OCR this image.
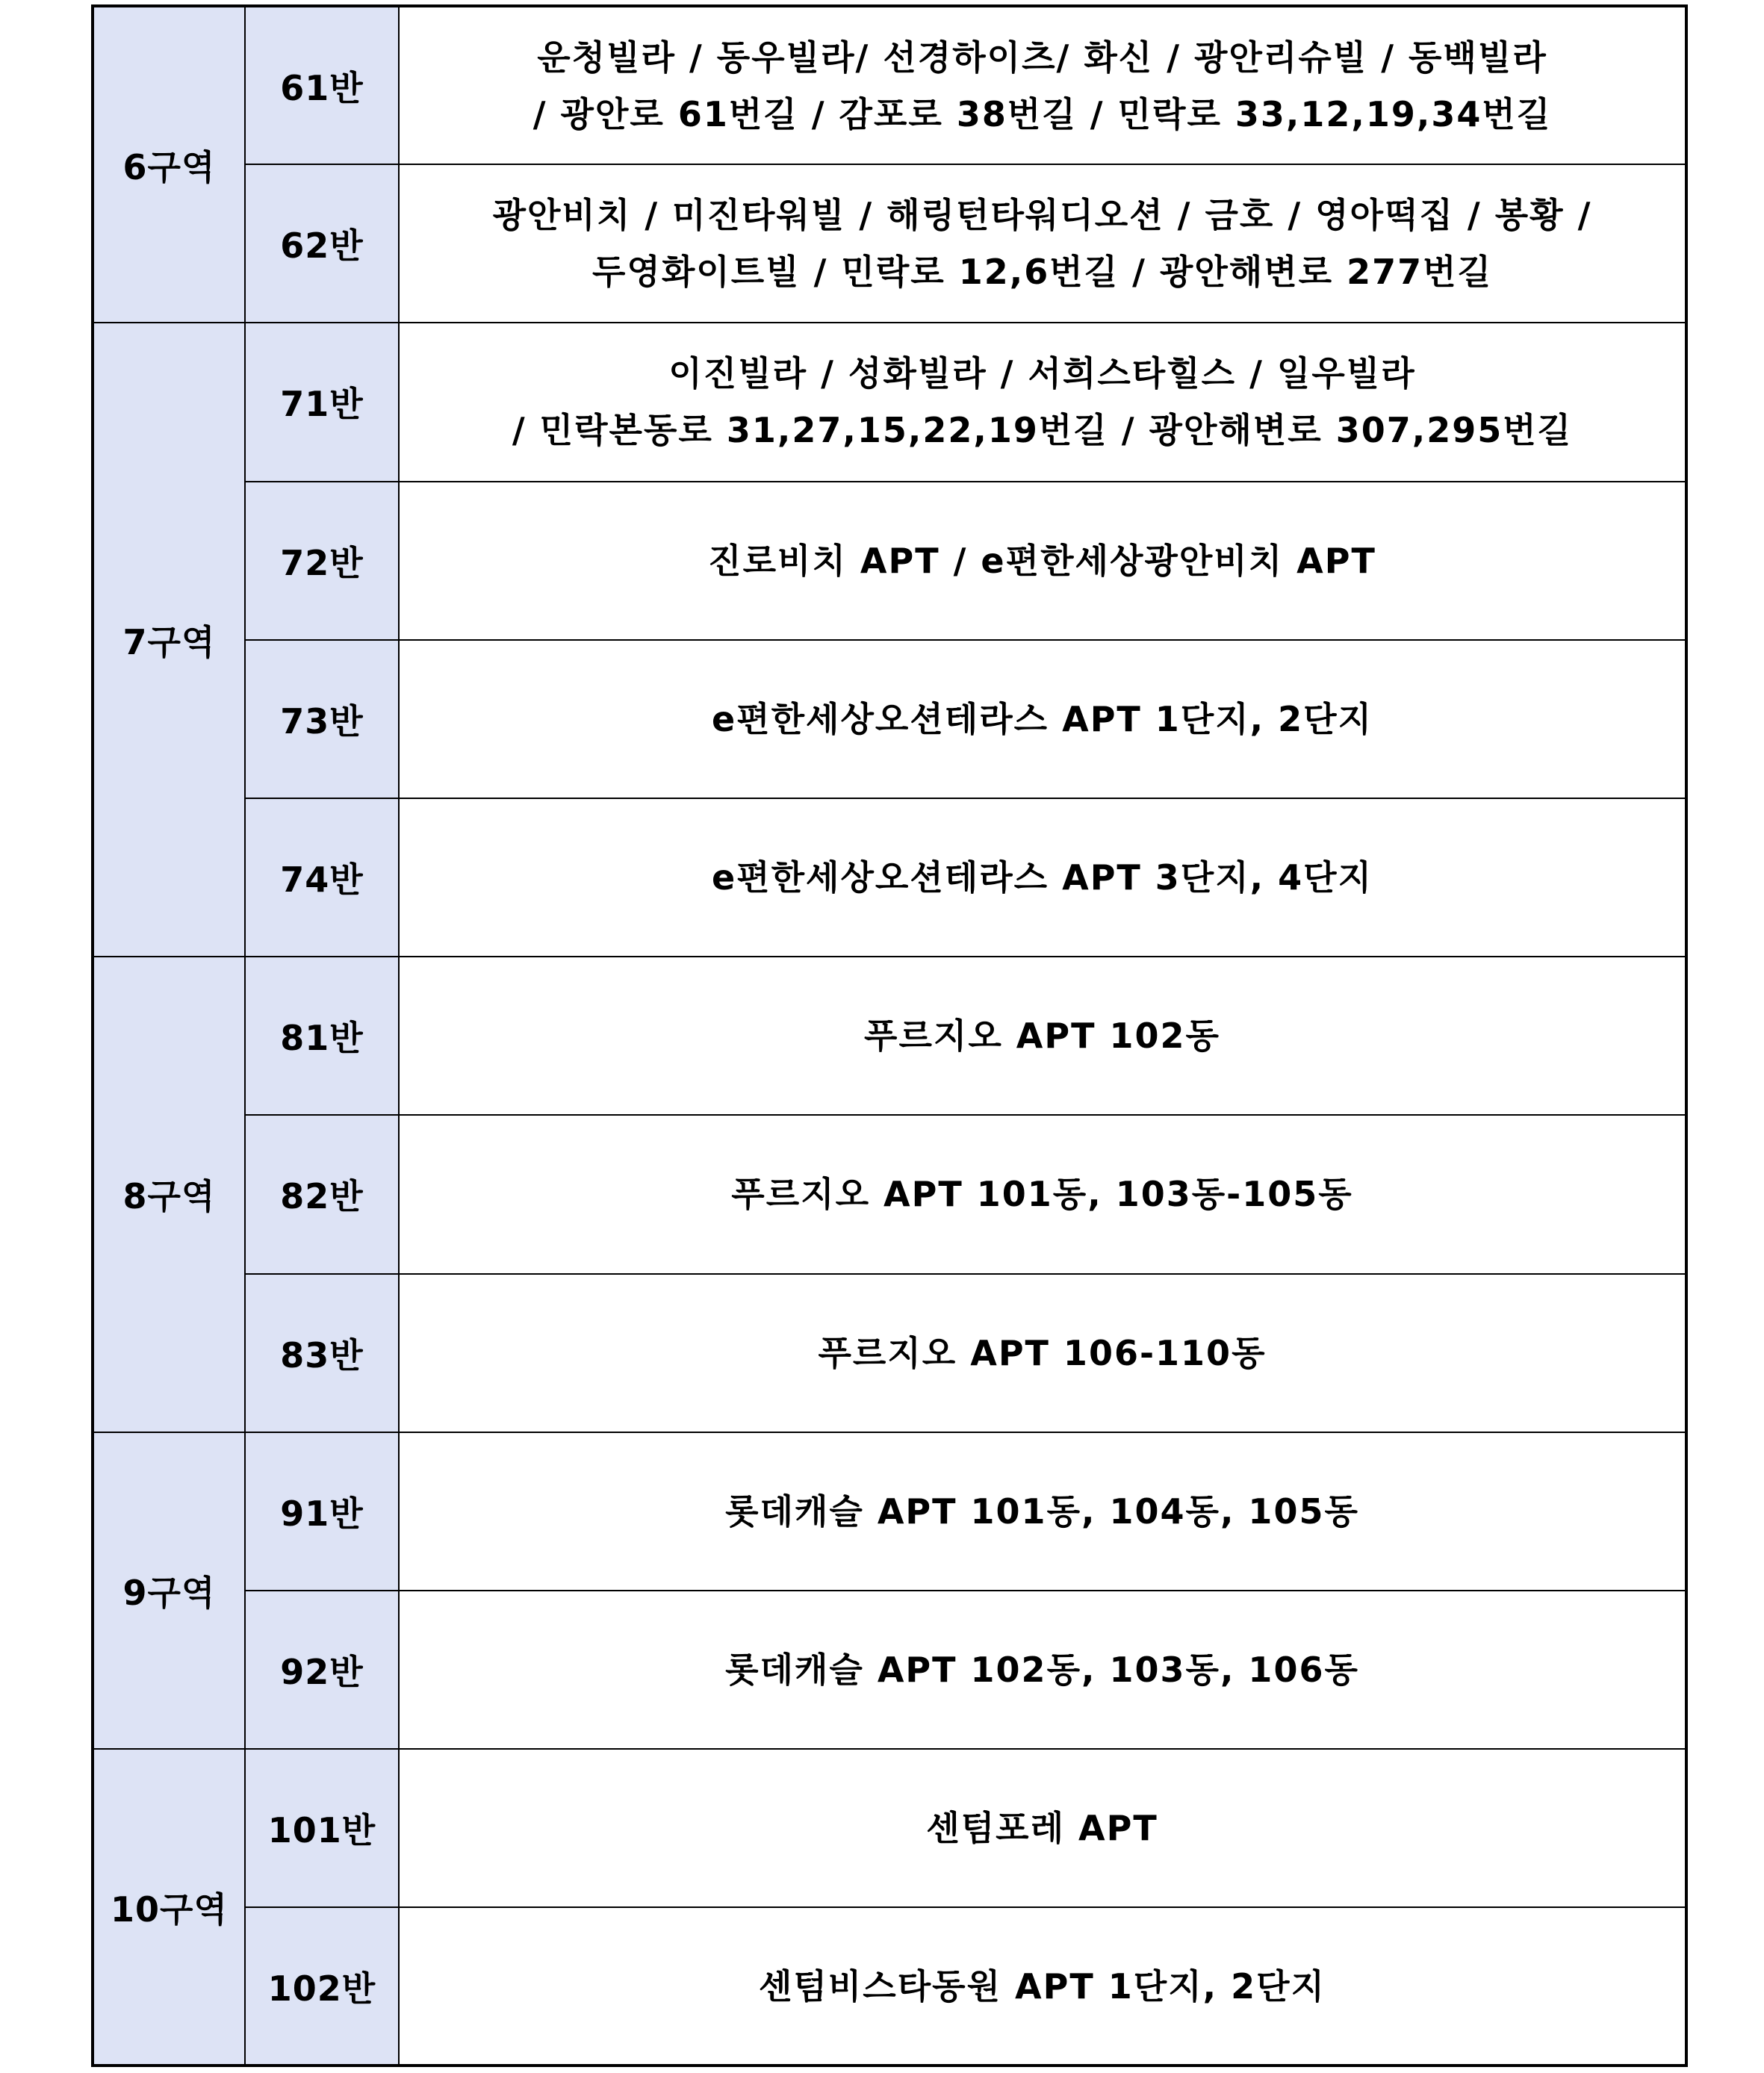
6구역	61반	운청빌라 / 동우빌라/ 선경하이츠/ 화신 / 광안리슈빌 / 동백빌라
/ 광안로 61번길 / 감포로 38번길 / 민락로 33,12,19,34번길

	62반	광안비치 / 미진타워빌 / 해링턴타워디오션 / 금호 / 영아떡집 / 봉황 /
두영화이트빌 / 민락로 12,6번길 / 광안해변로 277번길

7구역	71반	이진빌라 / 성화빌라 / 서희스타힐스 / 일우빌라
/ 민락본동로 31,27,15,22,19번길 / 광안해변로 307,295번길

	72반	진로비치 APT / e편한세상광안비치 APT

	73반	e편한세상오션테라스 APT 1단지, 2단지

	74반	e편한세상오션테라스 APT 3단지, 4단지

8구역	81반	푸르지오 APT 102동

	82반	푸르지오 APT 101동, 103동-105동

	83반	푸르지오 APT 106-110동

9구역	91반	롯데캐슬 APT 101동, 104동, 105동

	92반	롯데캐슬 APT 102동, 103동, 106동

10구역	101반	센텀포레 APT

	102반	센텀비스타동원 APT 1단지, 2단지
